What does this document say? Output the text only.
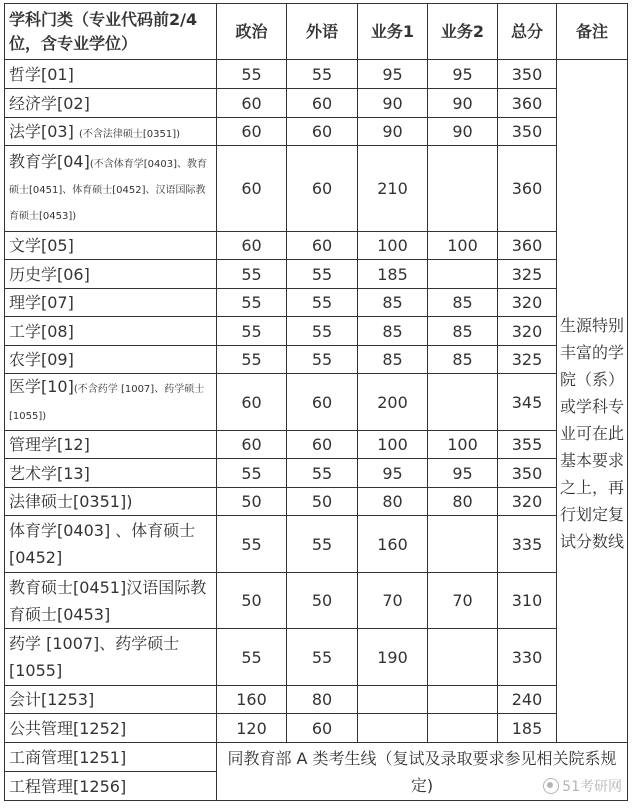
学科门类（专业代码前2/4位，含专业学位）	政治	外语	业务1	业务2	总分	备注
哲学[01]	55	55	95	95	350	生源特别丰富的学院（系）或学科专业可在此基本要求之上，再行划定复试分数线

经济学[02]	60	60	90	90	360	
法学[03] (不含法律硕士[0351])	60	60	90	90	350	
教育学[04](不含体育学[0403]、教育硕士[0451]、体育硕士[0452]、汉语国际教育硕士[0453])	60	60	210		360	
文学[05]	60	60	100	100	360	
历史学[06]	55	55	185		325	
理学[07]	55	55	85	85	320	
工学[08]	55	55	85	85	320	
农学[09]	55	55	85	85	325	
医学[10](不含药学 [1007]、药学硕士[1055])	60	60	200		345	
管理学[12]	60	60	100	100	355	
艺术学[13]	55	55	95	95	350	
法律硕士[0351])	50	50	80	80	320	
体育学[0403] 、体育硕士[0452]	55	55	160		335	
教育硕士[0451]汉语国际教育硕士[0453]	50	50	70	70	310	
药学 [1007]、药学硕士[1055]	55	55	190		330	
会计[1253]	160	80			240	
公共管理[1252]	120	60			185	
工商管理[1251]	同教育部 A 类考生线（复试及录取要求参见相关院系规定)					
工程管理[1256]							51考研网
